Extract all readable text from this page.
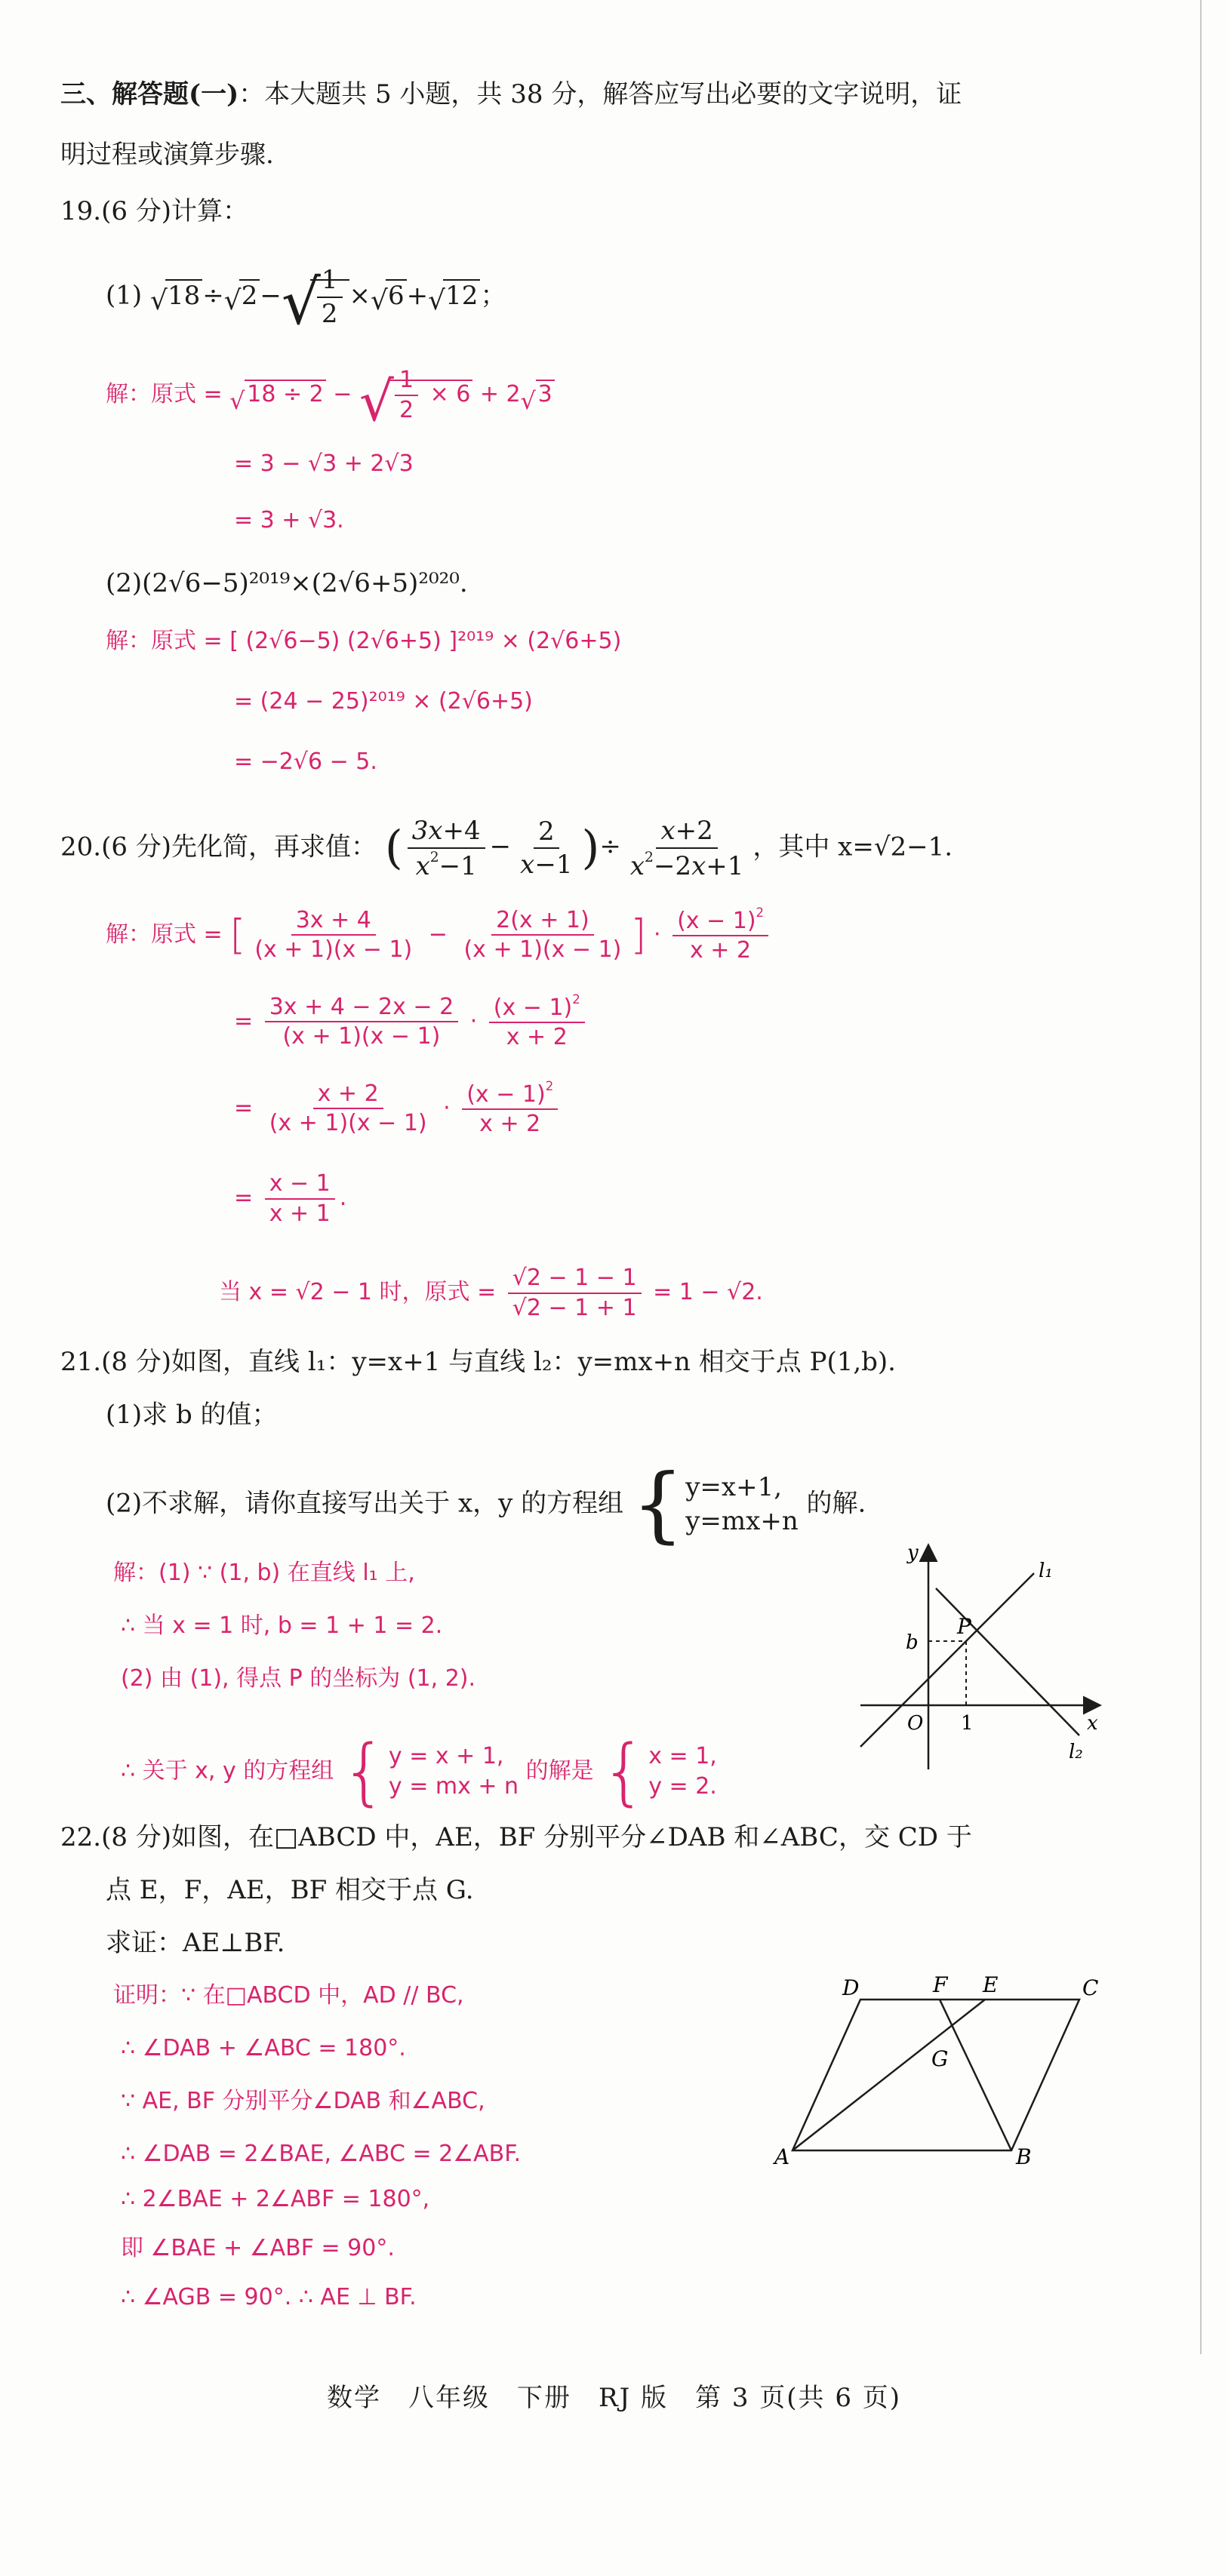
三、解答题(一)：本大题共 5 小题，共 38 分，解答应写出必要的文字说明，证
明过程或演算步骤.
19.(6 分)计算：
(1) √ 18÷ √ 2− √
$\frac{1}{2}$ × √ 6+ √ 12；
解：原式 = √ 18 ÷ 2 − √ $\frac{1}{2} \times 6 + 2$ √ 3
= 3 − √3 + 2√3
= 3 + √3.
(2)(2√6−5)²⁰¹⁹×(2√6+5)²⁰²⁰.
解：原式 = [ (2√6−5) (2√6+5) ]²⁰¹⁹ × (2√6+5)
= (24 − 25)²⁰¹⁹ × (2√6+5)
= −2√6 − 5.
20.(6 分)先化简，再求值： ( $\frac{3x+4}{x^2-1} - \frac{2}{x-1}$ )÷ $\frac{x+2}{x^2-2x+1}$ ，其中 x=√2−1.
解：原式 = [ $\frac{3x + 4}{(x + 1)(x - 1)} - \frac{2(x + 1)}{(x + 1)(x - 1)}$ ] · $\frac{(x - 1)^2}{x + 2}$
= $\frac{3x + 4 - 2x - 2}{(x + 1)(x - 1)} \cdot \frac{(x - 1)^2}{x + 2}$
= $\frac{x + 2}{(x + 1)(x - 1)} \cdot \frac{(x - 1)^2}{x + 2}$
= $\frac{x - 1}{x + 1}$ .
当 x = √2 − 1 时，原式 = $\frac{√2 - 1 - 1}{√2 - 1 + 1} = 1 - √2$.
21.(8 分)如图，直线 l₁：y=x+1 与直线 l₂：y=mx+n 相交于点 P(1,b).
(1)求 b 的值；
(2)不求解，请你直接写出关于 x，y 的方程组 { y=x+1,
y=mx+n
的解.
解：(1) ∵ (1, b) 在直线 l₁ 上,
∴ 当 x = 1 时, b = 1 + 1 = 2.
(2) 由 (1), 得点 P 的坐标为 (1, 2).
∴ 关于 x, y 的方程组 { y = x + 1,
y = mx + n
的解是 { x = 1,
y = 2.
y
x
l₁
l₂
P
b
O 1
22.(8 分)如图，在□ABCD 中，AE，BF 分别平分∠DAB 和∠ABC，交 CD 于
点 E，F，AE，BF 相交于点 G.
求证：AE⊥BF.
证明：∵ 在□ABCD 中，AD // BC,
∴ ∠DAB + ∠ABC = 180°.
∵ AE, BF 分别平分∠DAB 和∠ABC,
∴ ∠DAB = 2∠BAE, ∠ABC = 2∠ABF.
∴ 2∠BAE + 2∠ABF = 180°,
即 ∠BAE + ∠ABF = 90°.
∴ ∠AGB = 90°. ∴ AE ⊥ BF.
A	B
C
D	E
F
G
数学　八年级　下册　RJ 版　第 3 页(共 6 页)
